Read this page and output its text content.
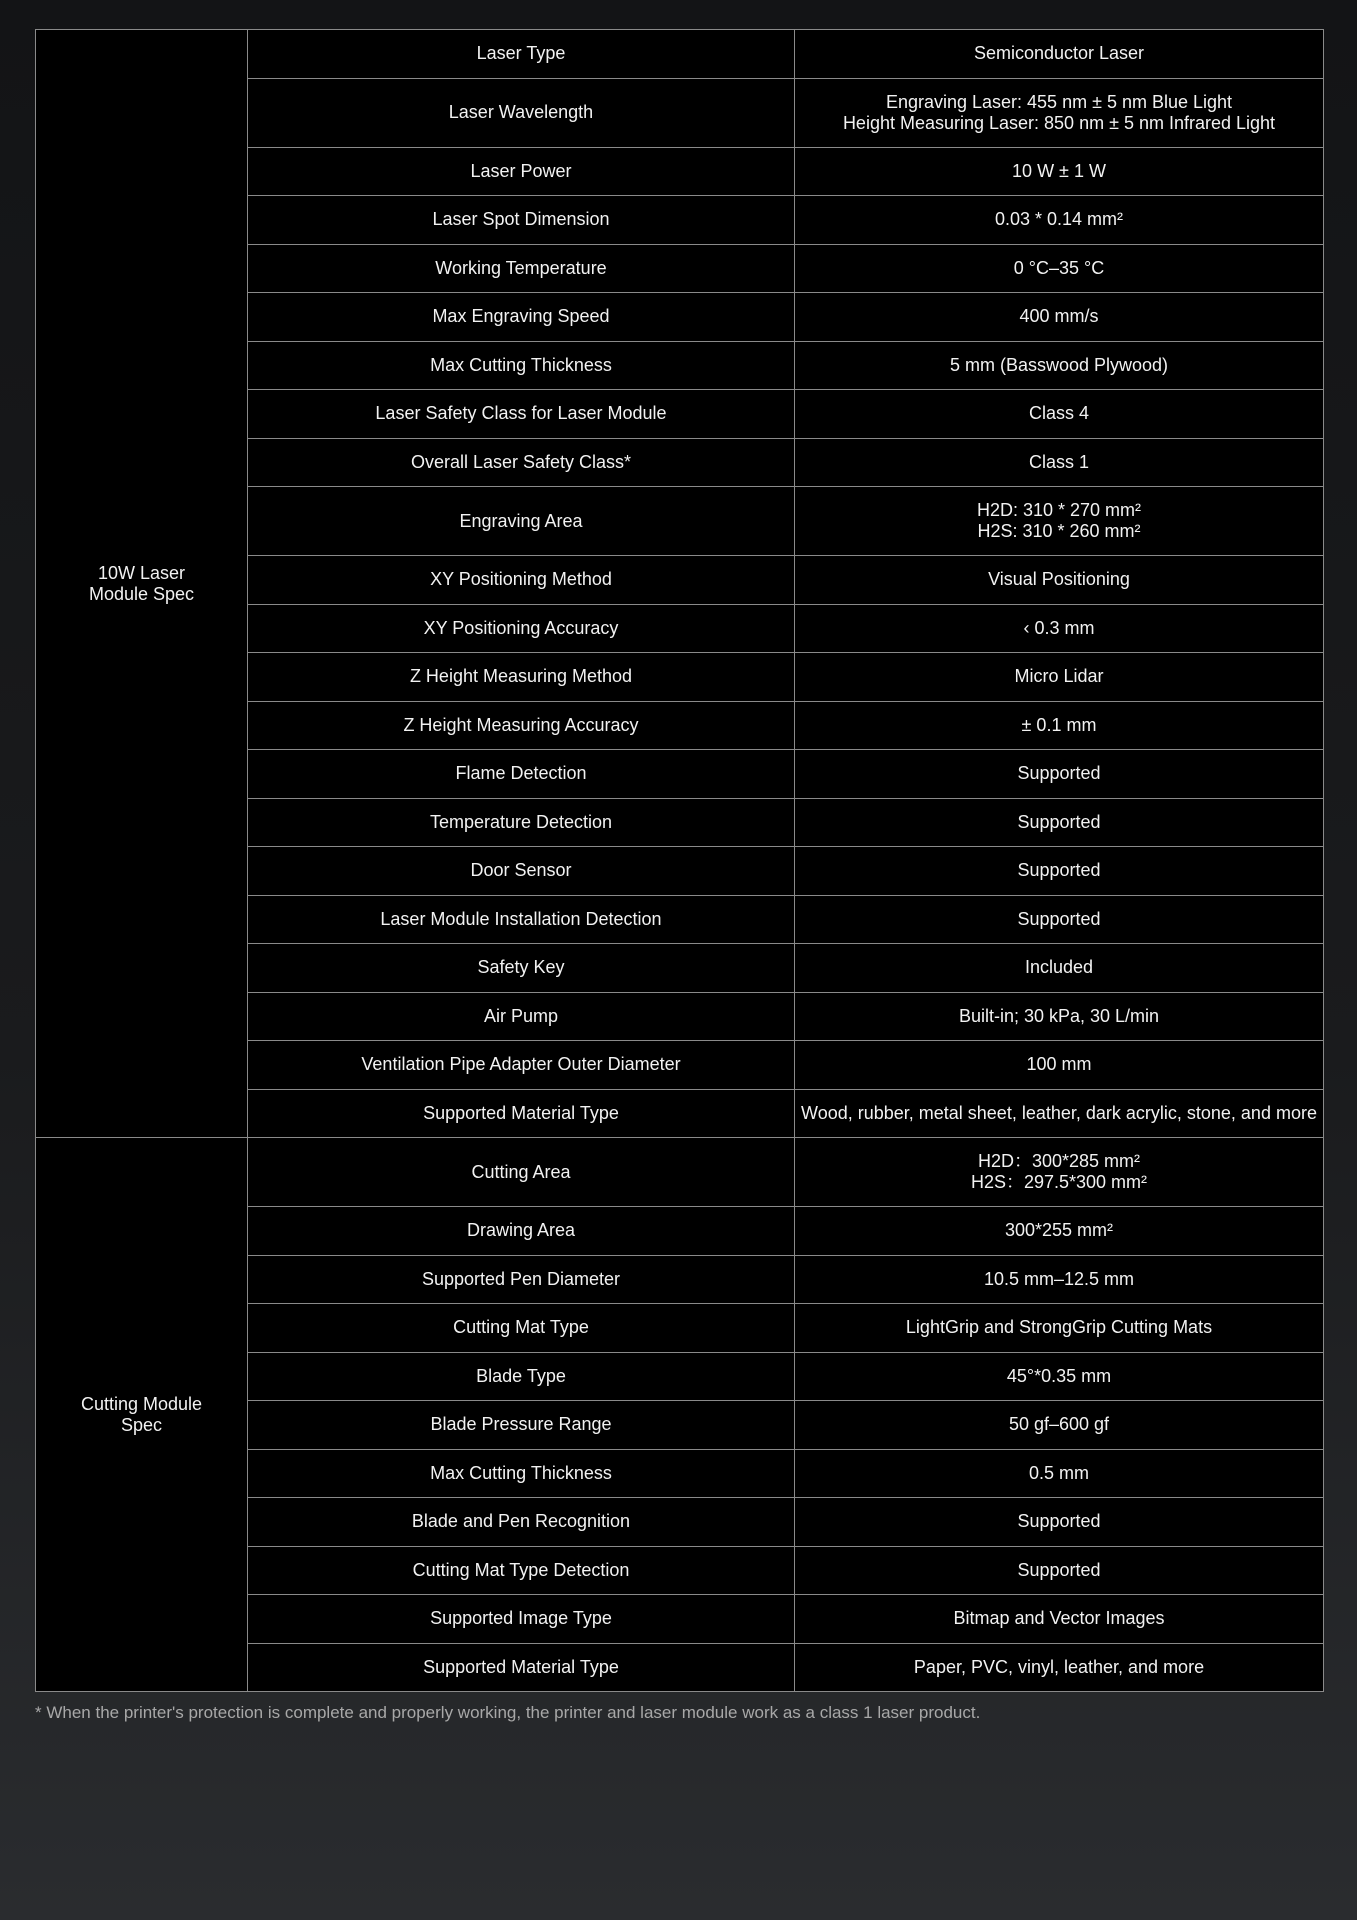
10W Laser
Module Spec	Laser Type	Semiconductor Laser
	Laser Wavelength	Engraving Laser: 455 nm ± 5 nm Blue Light
Height Measuring Laser: 850 nm ± 5 nm Infrared Light
	Laser Power	10 W ± 1 W
	Laser Spot Dimension	0.03 * 0.14 mm²
	Working Temperature	0 °C–35 °C
	Max Engraving Speed	400 mm/s
	Max Cutting Thickness	5 mm (Basswood Plywood)
	Laser Safety Class for Laser Module	Class 4
	Overall Laser Safety Class*	Class 1
	Engraving Area	H2D: 310 * 270 mm²
H2S: 310 * 260 mm²
	XY Positioning Method	Visual Positioning
	XY Positioning Accuracy	‹ 0.3 mm
	Z Height Measuring Method	Micro Lidar
	Z Height Measuring Accuracy	± 0.1 mm
	Flame Detection	Supported
	Temperature Detection	Supported
	Door Sensor	Supported
	Laser Module Installation Detection	Supported
	Safety Key	Included
	Air Pump	Built-in; 30 kPa, 30 L/min
	Ventilation Pipe Adapter Outer Diameter	100 mm
	Supported Material Type	Wood, rubber, metal sheet, leather, dark acrylic, stone, and more
Cutting Module
Spec	Cutting Area	H2D：300*285 mm²
H2S：297.5*300 mm²
	Drawing Area	300*255 mm²
	Supported Pen Diameter	10.5 mm–12.5 mm
	Cutting Mat Type	LightGrip and StrongGrip Cutting Mats
	Blade Type	45°*0.35 mm
	Blade Pressure Range	50 gf–600 gf
	Max Cutting Thickness	0.5 mm
	Blade and Pen Recognition	Supported
	Cutting Mat Type Detection	Supported
	Supported Image Type	Bitmap and Vector Images
	Supported Material Type	Paper, PVC, vinyl, leather, and more

* When the printer's protection is complete and properly working, the printer and laser module work as a class 1 laser product.
